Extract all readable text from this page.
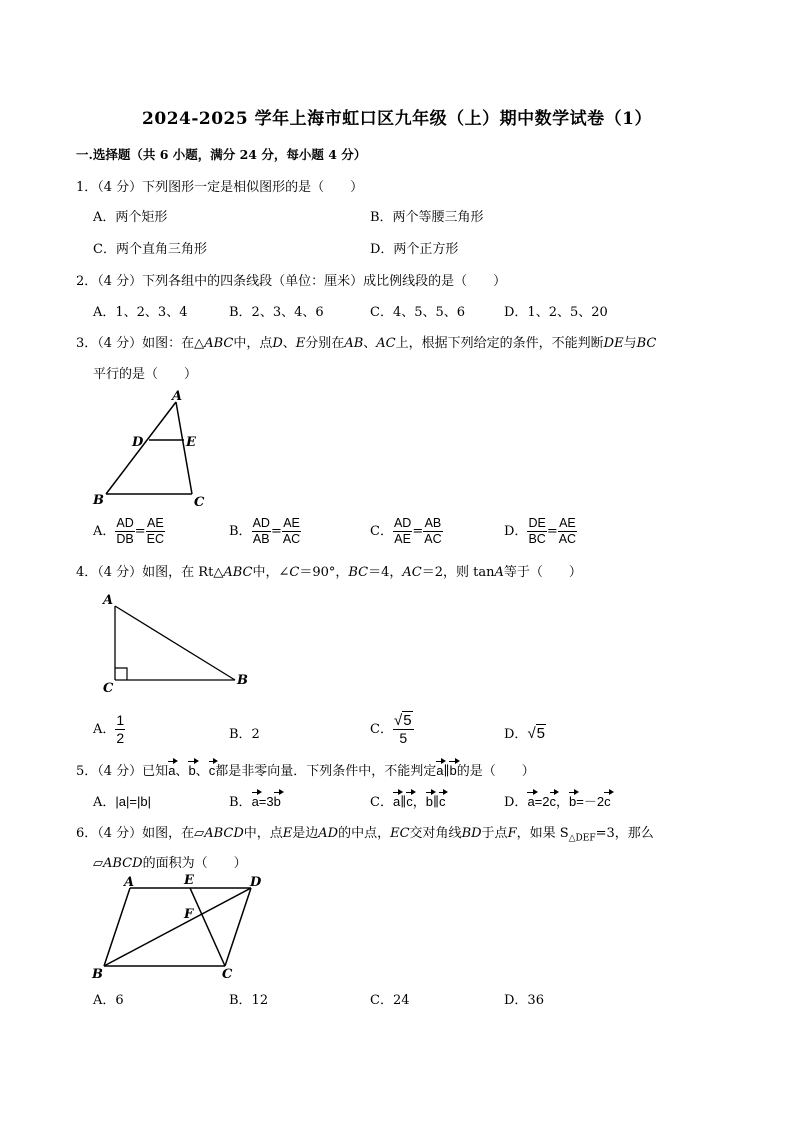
2024-2025 学年上海市虹口区九年级（上）期中数学试卷（1）
一.选择题（共 6 小题，满分 24 分，每小题 4 分）
1．（4 分）下列图形一定是相似图形的是（　　）
A．两个矩形	B．两个等腰三角形
C．两个直角三角形	D．两个正方形
2．（4 分）下列各组中的四条线段（单位：厘米）成比例线段的是（　　）
A．1、2、3、4	B．2、3、4、6	C．4、5、5、6	D．1、2、5、20
3．（4 分）如图：在△ABC中，点D、E分别在AB、AC上，根据下列给定的条件，不能判断DE与BC
平行的是（　　）
A
D	E
B	C
A． $\frac{AD}{DB} = \frac{AE}{EC}$	B． $\frac{AD}{AB} = \frac{AE}{AC}$	C． $\frac{AD}{AE} = \frac{AB}{AC}$	D． $\frac{DE}{BC} = \frac{AE}{AC}$
4．（4 分）如图，在 Rt△ABC中，∠C＝90°，BC＝4，AC＝2，则 tanA等于（　　）
A
C
B
A． $\frac{1}{2}$	B．2	C． $\frac{√5}{5}$	D．√5
5．（4 分）已知a、b、c都是非零向量．下列条件中，不能判定a∥b的是（　　）
A．|a|=|b|	B．a=3b	C．a∥c，b∥c	D．a=2c，b=－2c
6．（4 分）如图，在▱ABCD中，点E是边AD的中点，EC交对角线BD于点F，如果 $S_{\triangle DEF}=3$，那么
▱ABCD的面积为（　　）
A	E	D
F
B	C
A．6	B．12	C．24	D．36
